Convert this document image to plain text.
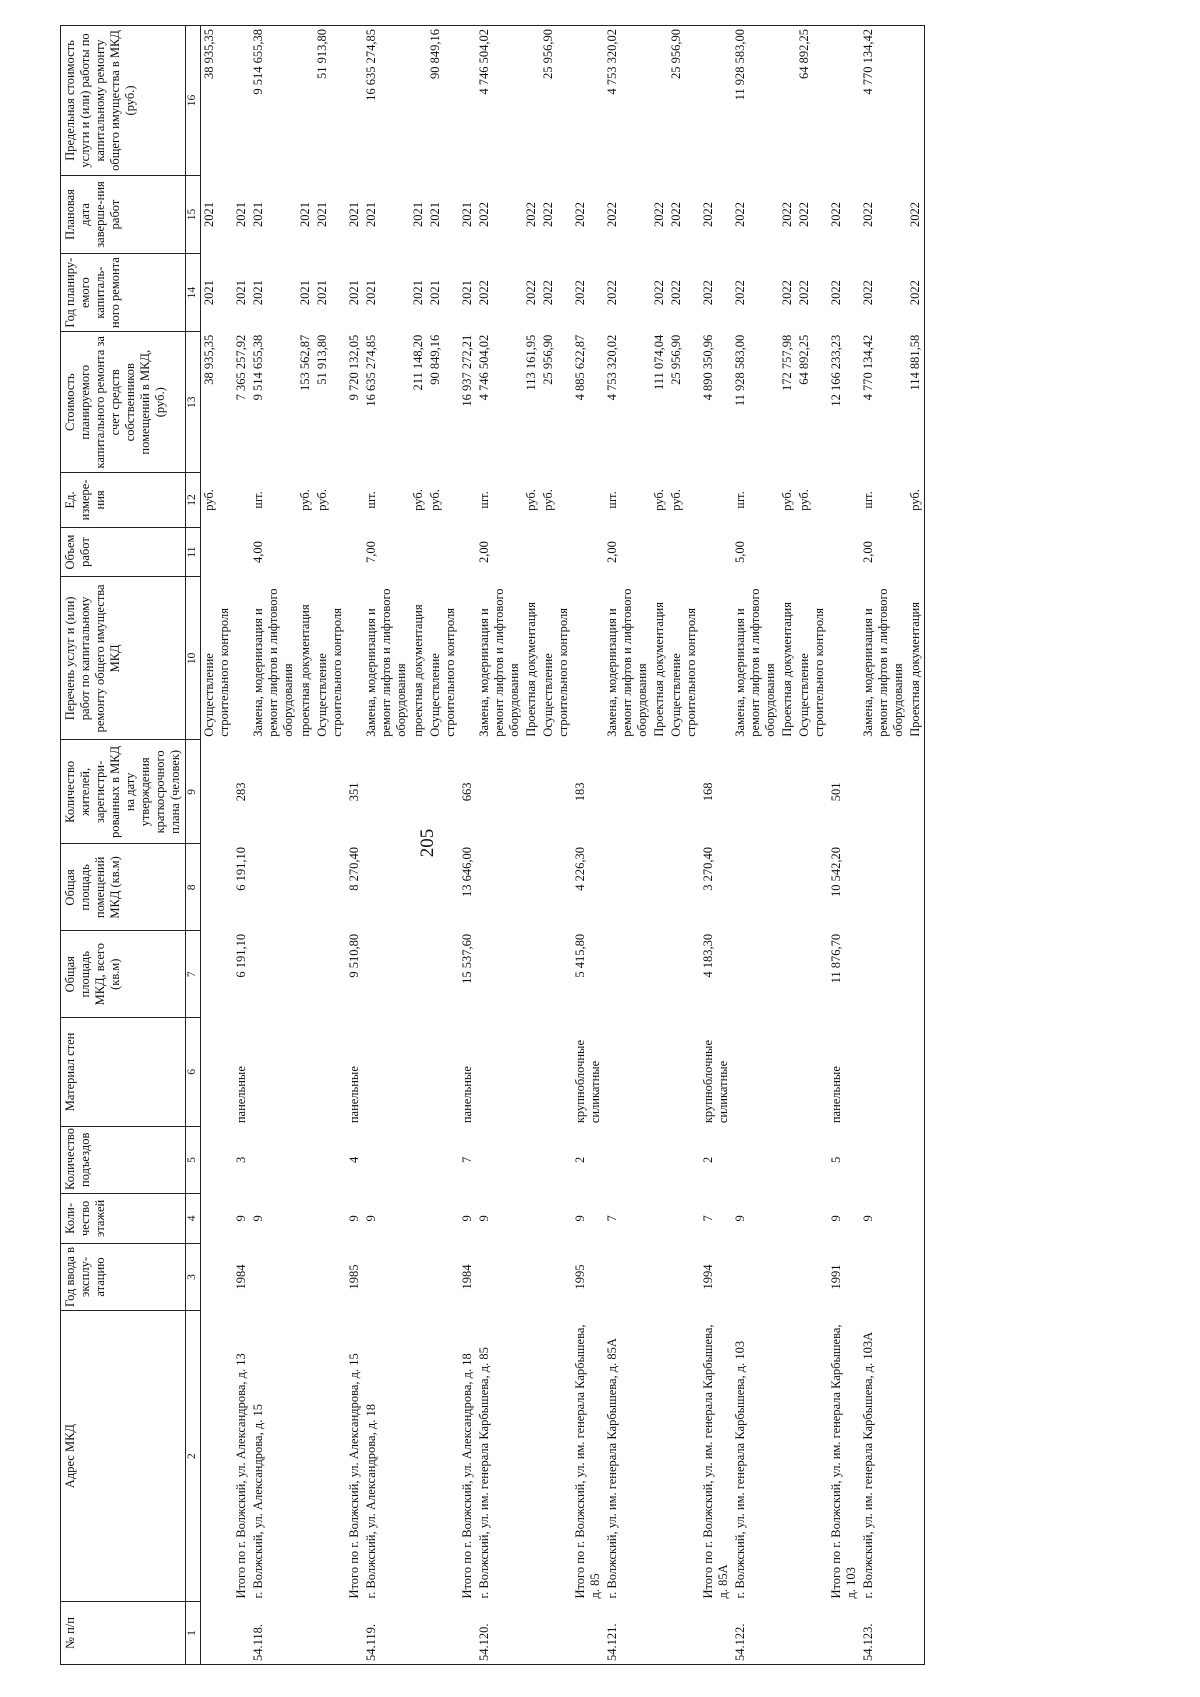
205
№ п/п	Адрес МКД	Год ввода в эксплу-атацию	Коли-чество этажей	Количество подъездов	Материал стен	Общая площадь МКД, всего (кв.м)	Общая площадь помещений МКД (кв.м)	Количество жителей, зарегистри-рованных в МКД на дату утверждения краткосрочного плана (человек)	Перечень услуг и (или) работ по капитальному ремонту общего имущества МКД	Объем работ	Ед. измере-ния	Стоимость планируемого капитального ремонта за счет средств собственников помещений в МКД, (руб.)	Год планиру-емого капиталь-ного ремонта	Плановая дата заверше-ния работ	Предельная стоимость услуги и (или) работы по капитальному ремонту общего имущества в МКД (руб.)
1	2	3	4	5	6	7	8	9	10	11	12	13	14	15	16
									Осуществление строительного контроля		руб.	38 935,35	2021	2021	38 935,35
	Итого по г. Волжский, ул. Александрова, д. 13	1984	9	3	панельные	6 191,10	6 191,10	283				7 365 257,92	2021	2021	
54.118.	г. Волжский, ул. Александрова, д. 15		9						Замена, модернизация и ремонт лифтов и лифтового оборудования	4,00	шт.	9 514 655,38	2021	2021	9 514 655,38
									проектная документация		руб.	153 562,87	2021	2021	
									Осуществление строительного контроля		руб.	51 913,80	2021	2021	51 913,80
	Итого по г. Волжский, ул. Александрова, д. 15	1985	9	4	панельные	9 510,80	8 270,40	351				9 720 132,05	2021	2021	
54.119.	г. Волжский, ул. Александрова, д. 18		9						Замена, модернизация и ремонт лифтов и лифтового оборудования	7,00	шт.	16 635 274,85	2021	2021	16 635 274,85
									проектная документация		руб.	211 148,20	2021	2021	
									Осуществление строительного контроля		руб.	90 849,16	2021	2021	90 849,16
	Итого по г. Волжский, ул. Александрова, д. 18	1984	9	7	панельные	15 537,60	13 646,00	663				16 937 272,21	2021	2021	
54.120.	г. Волжский, ул. им. генерала Карбышева, д. 85		9						Замена, модернизация и ремонт лифтов и лифтового оборудования	2,00	шт.	4 746 504,02	2022	2022	4 746 504,02
									Проектная документация		руб.	113 161,95	2022	2022	
									Осуществление строительного контроля		руб.	25 956,90	2022	2022	25 956,90
	Итого по г. Волжский, ул. им. генерала Карбышева, д. 85	1995	9	2	крупноблочные силикатные	5 415,80	4 226,30	183				4 885 622,87	2022	2022	
54.121.	г. Волжский, ул. им. генерала Карбышева, д. 85А		7						Замена, модернизация и ремонт лифтов и лифтового оборудования	2,00	шт.	4 753 320,02	2022	2022	4 753 320,02
									Проектная документация		руб.	111 074,04	2022	2022	
									Осуществление строительного контроля		руб.	25 956,90	2022	2022	25 956,90
	Итого по г. Волжский, ул. им. генерала Карбышева, д. 85А	1994	7	2	крупноблочные силикатные	4 183,30	3 270,40	168				4 890 350,96	2022	2022	
54.122.	г. Волжский, ул. им. генерала Карбышева, д. 103		9						Замена, модернизация и ремонт лифтов и лифтового оборудования	5,00	шт.	11 928 583,00	2022	2022	11 928 583,00
									Проектная документация		руб.	172 757,98	2022	2022	
									Осуществление строительного контроля		руб.	64 892,25	2022	2022	64 892,25
	Итого по г. Волжский, ул. им. генерала Карбышева, д. 103	1991	9	5	панельные	11 876,70	10 542,20	501				12 166 233,23	2022	2022	
54.123.	г. Волжский, ул. им. генерала Карбышева, д. 103А		9						Замена, модернизация и ремонт лифтов и лифтового оборудования	2,00	шт.	4 770 134,42	2022	2022	4 770 134,42
									Проектная документация		руб.	114 881,58	2022	2022	
